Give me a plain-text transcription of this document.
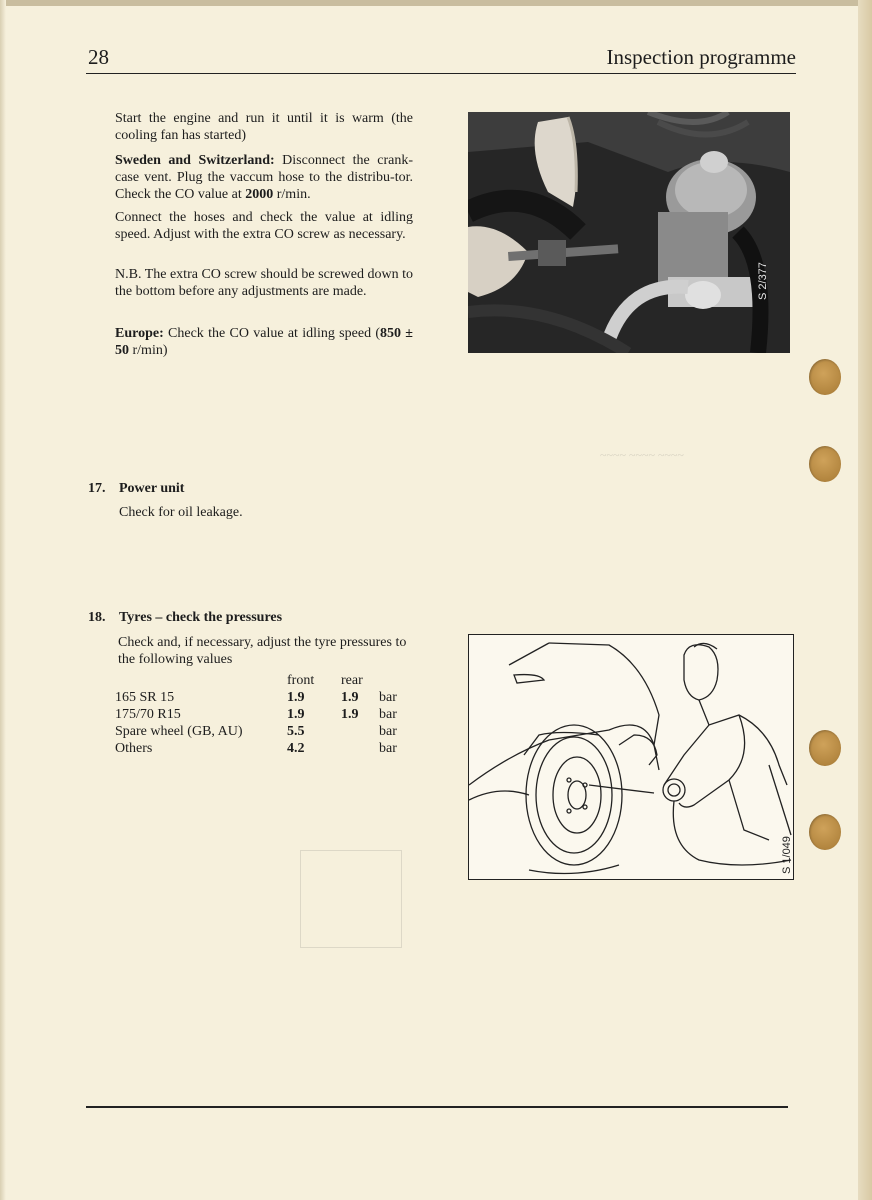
~~~~ ~~~~ ~~~~
28	Inspection programme

Start the engine and run it until it is warm (the cooling fan has started)

Sweden and Switzerland: Disconnect the crank-case vent. Plug the vaccum hose to the distribu-tor. Check the CO value at 2000 r/min.

Connect the hoses and check the value at idling speed. Adjust with the extra CO screw as necessary.

N.B. The extra CO screw should be screwed down to the bottom before any adjustments are made.

Europe: Check the CO value at idling speed (850 ± 50 r/min)

S 2/377
17. Power unit
Check for oil leakage.
18. Tyres – check the pressures
Check and, if necessary, adjust the tyre pressures to the following values
	front	rear	
165 SR 15	1.9	1.9	bar
175/70 R15	1.9	1.9	bar
Spare wheel (GB, AU)	5.5		bar
Others	4.2		bar
S 1/049
